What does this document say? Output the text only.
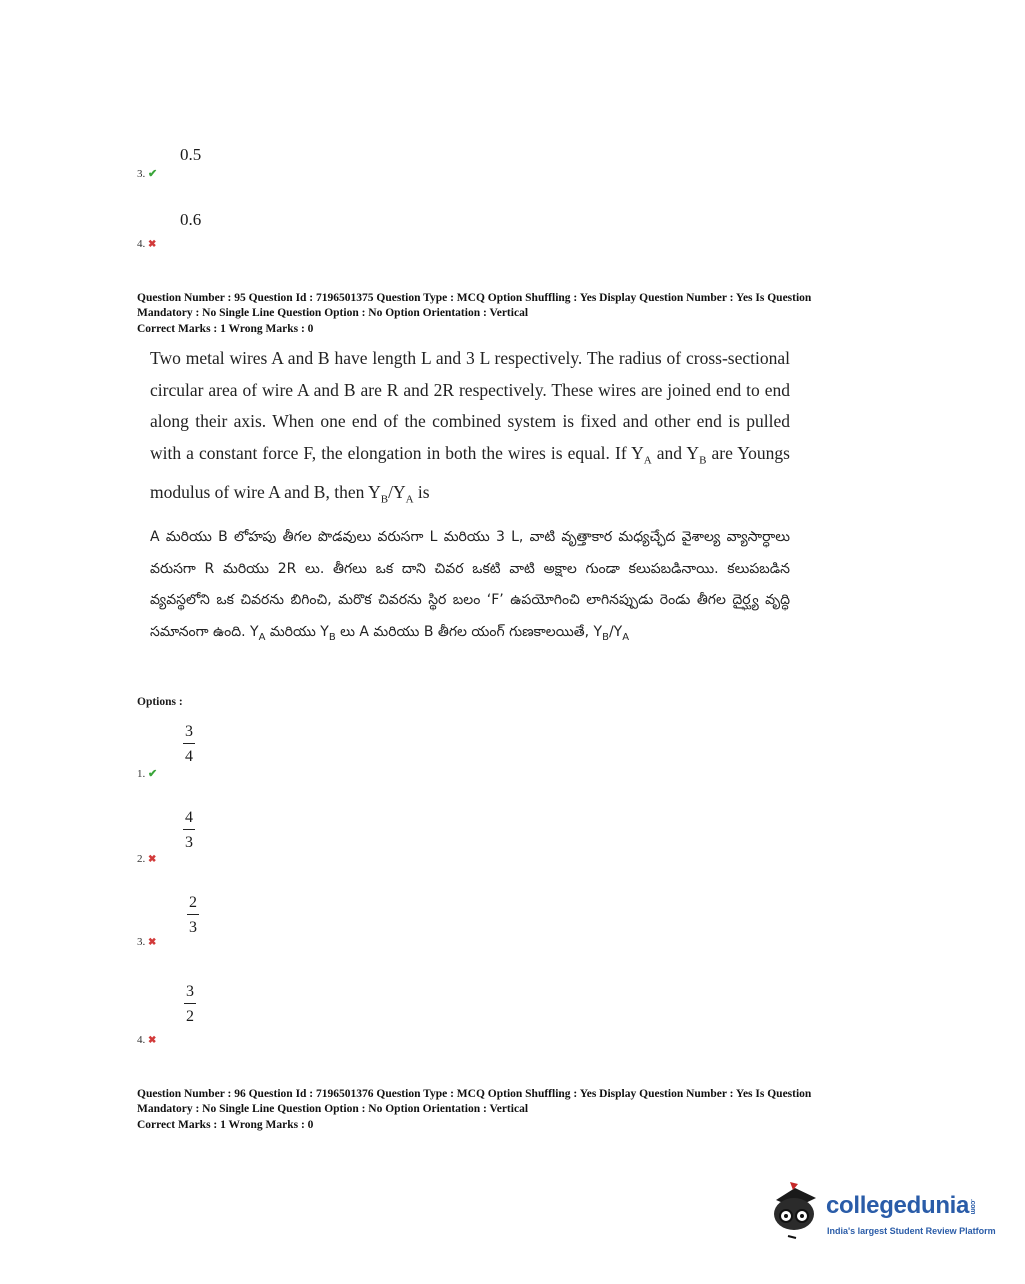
0.5
3. ✔
0.6
4. ✖
Question Number : 95 Question Id : 7196501375 Question Type : MCQ Option Shuffling : Yes Display Question Number : Yes Is Question
Mandatory : No Single Line Question Option : No Option Orientation : Vertical
Correct Marks : 1 Wrong Marks : 0
Two metal wires A and B have length L and 3 L respectively. The radius of cross-sectional circular area of wire A and B are R and 2R respectively. These wires are joined end to end along their axis. When one end of the combined system is fixed and other end is pulled with a constant force F, the elongation in both the wires is equal. If $Y_A$ and $Y_B$ are Youngs modulus of wire A and B, then $Y_B/Y_A$ is
A మరియు B లోహపు తీగల పొడవులు వరుసగా L మరియు 3 L, వాటి వృత్తాకార మధ్యచ్ఛేద వైశాల్య వ్యాసార్ధాలు వరుసగా R మరియు 2R లు. తీగలు ఒక దాని చివర ఒకటి వాటి అక్షాల గుండా కలుపబడినాయి. కలుపబడిన వ్యవస్థలోని ఒక చివరను బిగించి, మరొక చివరను స్థిర బలం ‘F’ ఉపయోగించి లాగినప్పుడు రెండు తీగల దైర్ఘ్య వృద్ధి సమానంగా ఉంది. $Y_A$ మరియు $Y_B$ లు A మరియు B తీగల యంగ్ గుణకాలయితే, $Y_B/Y_A$
Options :
3
4
1. ✔
4
3
2. ✖
2
3
3. ✖
3
2
4. ✖
Question Number : 96 Question Id : 7196501376 Question Type : MCQ Option Shuffling : Yes Display Question Number : Yes Is Question
Mandatory : No Single Line Question Option : No Option Orientation : Vertical
Correct Marks : 1 Wrong Marks : 0
collegedunia.com
India's largest Student Review Platform
